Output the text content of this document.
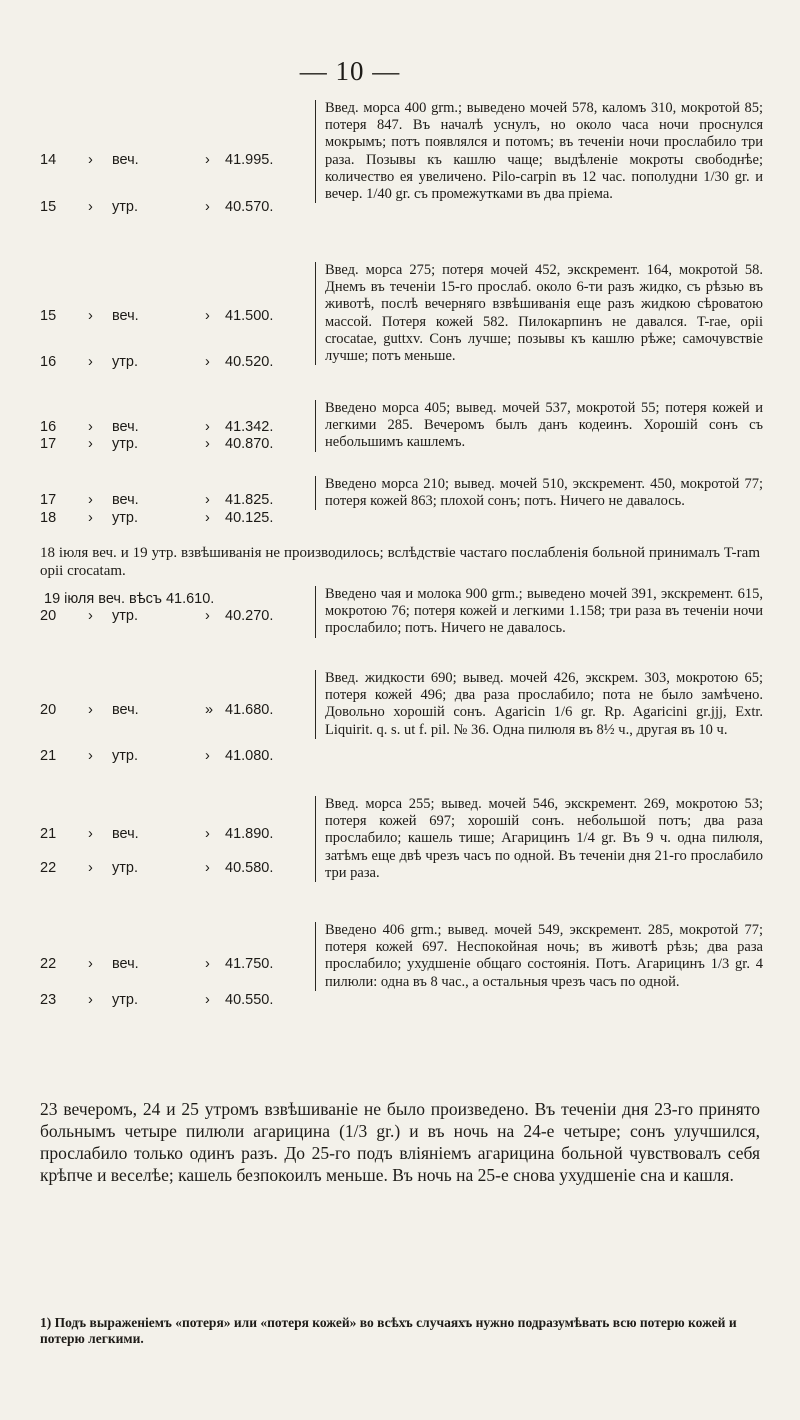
— 10 —
14	› веч.	› 41.995.
15	› утр.	› 40.570.
Введ. морса 400 grm.; выведено мочей 578, каломъ 310, мокротой 85; потеря 847. Въ началѣ уснулъ, но около часа ночи проснулся мокрымъ; потъ появлялся и потомъ; въ теченіи ночи прослабило три раза. Позывы къ кашлю чаще; выдѣленіе мокроты свободнѣе; количество ея увеличено. Pilo-carpin въ 12 час. пополудни 1/30 gr. и вечер. 1/40 gr. съ промежутками въ два пріема.
15	› веч.	› 41.500.
16	› утр.	› 40.520.
Введ. морса 275; потеря мочей 452, экскремент. 164, мокротой 58. Днемъ въ теченіи 15-го прослаб. около 6-ти разъ жидко, съ рѣзью въ животѣ, послѣ вечерняго взвѣшиванія еще разъ жидкою сѣроватою массой. Потеря кожей 582. Пилокарпинъ не давался. T-rae, opii crocatae, guttxv. Сонъ лучше; позывы къ кашлю рѣже; самочувствіе лучше; потъ меньше.
16	› веч.	› 41.342.
17	› утр.	› 40.870.
Введено морса 405; вывед. мочей 537, мокротой 55; потеря кожей и легкими 285. Вечеромъ былъ данъ кодеинъ. Хорошій сонъ съ небольшимъ кашлемъ.
17	› веч.	› 41.825.
18	› утр.	› 40.125.
Введено морса 210; вывед. мочей 510, экскремент. 450, мокротой 77; потеря кожей 863; плохой сонъ; потъ. Ничего не давалось.
18 іюля веч. и 19 утр. взвѣшиванія не производилось; вслѣдствіе частаго послабленія больной принималъ T-ram opii crocatam.
19 іюля веч. вѣсъ 41.610.
20	› утр.	› 40.270.
Введено чая и молока 900 grm.; выведено мочей 391, экскремент. 615, мокротою 76; потеря кожей и легкими 1.158; три раза въ теченіи ночи прослабило; потъ. Ничего не давалось.
20	› веч.	» 41.680.
21	› утр.	› 41.080.
Введ. жидкости 690; вывед. мочей 426, экскрем. 303, мокротою 65; потеря кожей 496; два раза прослабило; пота не было замѣчено. Довольно хорошій сонъ. Agaricin 1/6 gr. Rp. Agaricini gr.jjj, Extr. Liquirit. q. s. ut f. pil. № 36. Одна пилюля въ 8½ ч., другая въ 10 ч.
21	› веч.	› 41.890.
22	› утр.	› 40.580.
Введ. морса 255; вывед. мочей 546, экскремент. 269, мокротою 53; потеря кожей 697; хорошій сонъ. небольшой потъ; два раза прослабило; кашель тише; Агарицинъ 1/4 gr. Въ 9 ч. одна пилюля, затѣмъ еще двѣ чрезъ часъ по одной. Въ теченіи дня 21-го прослабило три раза.
22	› веч.	› 41.750.
23	› утр.	› 40.550.
Введено 406 grm.; вывед. мочей 549, экскремент. 285, мокротой 77; потеря кожей 697. Неспокойная ночь; въ животѣ рѣзь; два раза прослабило; ухудшеніе общаго состоянія. Потъ. Агарицинъ 1/3 gr. 4 пилюли: одна въ 8 час., а остальныя чрезъ часъ по одной.
23 вечеромъ, 24 и 25 утромъ взвѣшиваніе не было произведено. Въ теченіи дня 23-го принято больнымъ четыре пилюли агарицина (1/3 gr.) и въ ночь на 24-е четыре; сонъ улучшился, прослабило только одинъ разъ. До 25-го подъ вліяніемъ агарицина больной чувствовалъ себя крѣпче и веселѣе; кашель безпокоилъ меньше. Въ ночь на 25-е снова ухудшеніе сна и кашля.
1) Подъ выраженіемъ «потеря» или «потеря кожей» во всѣхъ случаяхъ нужно подразумѣвать всю потерю кожей и потерю легкими.
